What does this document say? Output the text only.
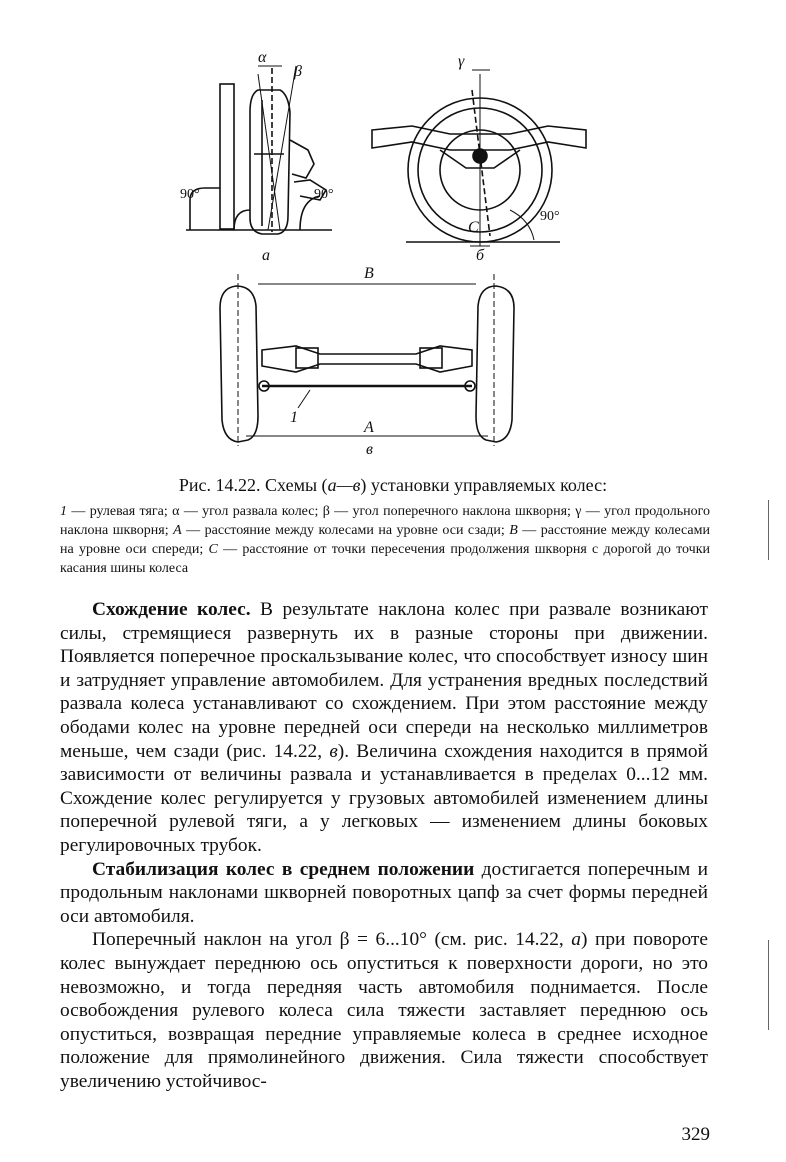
α
β
90°	90°
γ
90°
C
а	б
B
1
A
в
Рис. 14.22. Схемы (а—в) установки управляемых колес:
1 — рулевая тяга; α — угол развала колес; β — угол поперечного наклона шкворня; γ — угол продольного наклона шкворня; A — расстояние между колесами на уровне оси сзади; B — расстояние между колесами на уровне оси спереди; C — расстояние от точки пересечения продолжения шкворня с дорогой до точки касания шины колеса

Схождение колес. В результате наклона колес при развале возникают силы, стремящиеся развернуть их в разные стороны при движении. Появляется поперечное проскальзывание колес, что способствует износу шин и затрудняет управление автомобилем. Для устранения вредных последствий развала колеса устанавливают со схождением. При этом расстояние между ободами колес на уровне передней оси спереди на несколько миллиметров меньше, чем сзади (рис. 14.22, в). Величина схождения находится в прямой зависимости от величины развала и устанавливается в пределах 0...12 мм. Схождение колес регулируется у грузовых автомобилей изменением длины поперечной рулевой тяги, а у легковых — изменением длины боковых регулировочных трубок.

Стабилизация колес в среднем положении достигается поперечным и продольным наклонами шкворней поворотных цапф за счет формы передней оси автомобиля.

Поперечный наклон на угол β = 6...10° (см. рис. 14.22, а) при повороте колес вынуждает переднюю ось опуститься к поверхности дороги, но это невозможно, и тогда передняя часть автомобиля поднимается. После освобождения рулевого колеса сила тяжести заставляет переднюю ось опуститься, возвращая передние управляемые колеса в среднее исходное положение для прямолинейного движения. Сила тяжести способствует увеличению устойчивос-

329
